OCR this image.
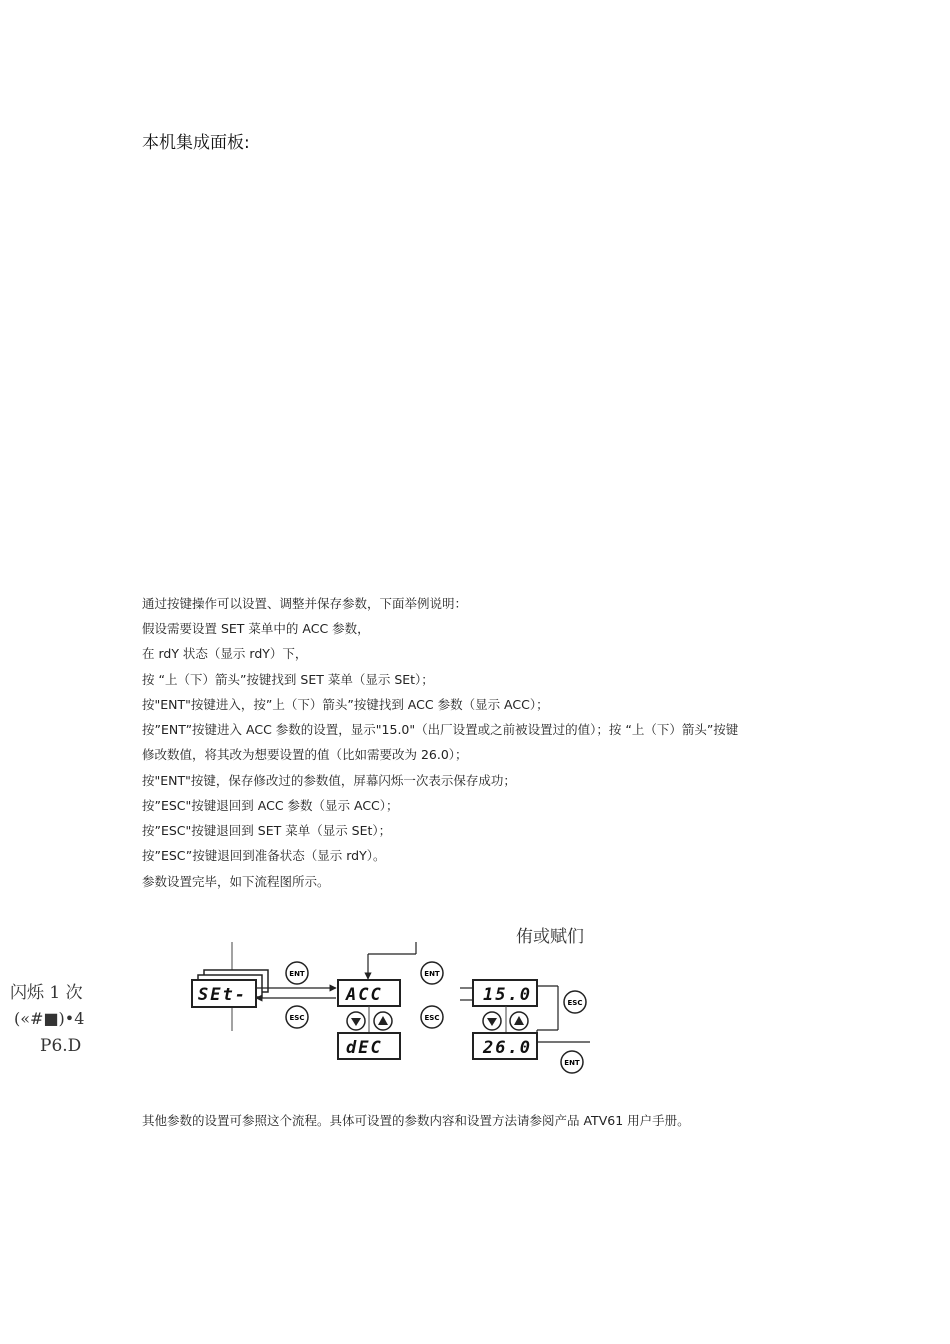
本机集成面板:
通过按键操作可以设置、调整并保存参数，下面举例说明：
假设需要设置 SET 菜单中的 ACC 参数，
在 rdY 状态（显示 rdY）下，
按 “上（下）箭头”按键找到 SET 菜单（显示 SEt）；
按"ENT"按键进入，按”上（下）箭头”按键找到 ACC 参数（显示 ACC）；
按”ENT”按键进入 ACC 参数的设置，显示"15.0"（出厂设置或之前被设置过的值）；按 “上（下）箭头”按键
修改数值，将其改为想要设置的值（比如需要改为 26.0）；
按"ENT"按键，保存修改过的参数值，屏幕闪烁一次表示保存成功；
按”ESC"按键退回到 ACC 参数（显示 ACC）；
按”ESC"按键退回到 SET 菜单（显示 SEt）；
按”ESC”按键退回到准备状态（显示 rdY）。
参数设置完毕，如下流程图所示。
侑或赋们
闪烁 1 次
(«#■)•4
P6.D
SEt-
ENT
ESC
ACC
ENT
ESC
dEC
15.0	ESC
26.0
ENT
其他参数的设置可参照这个流程。具体可设置的参数内容和设置方法请参阅产品 ATV61 用户手册。
